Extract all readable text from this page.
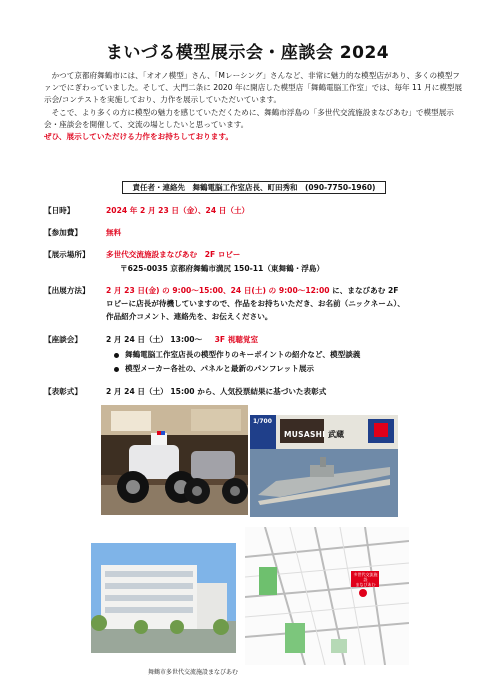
まいづる模型展示会・座談会 2024

かつて京都府舞鶴市には、「オオノ模型」さん、「Mレーシング」さんなど、非常に魅力的な模型店があり、多くの模型ファンでにぎわっていました。そして、大門二条に 2020 年に開店した模型店「舞鶴電脳工作室」では、毎年 11 月に模型展示会/コンテストを実施しており、力作を展示していただいています。

そこで、より多くの方に模型の魅力を感じていただくために、舞鶴市浮島の「多世代交流施設まなびあむ」で模型展示会・座談会を開催して、交流の場としたいと思っています。

ぜひ、展示していただける力作をお持ちしております。

責任者・連絡先　舞鶴電脳工作室店長、町田秀和　(090-7750-1960)
【日時】	2024 年 2 月 23 日（金）、24 日（土）
【参加費】	無料
【展示場所】 多世代交流施設まなびあむ　2F ロビー
〒625-0035 京都府舞鶴市溝尻 150-11（東舞鶴・浮島）
【出展方法】 2 月 23 日(金) の 9:00～15:00、24 日(土) の 9:00～12:00 に、まなびあむ 2F
ロビーに店長が待機していますので、作品をお持ちいただき、お名前（ニックネーム）、
作品紹介コメント、連絡先を、お伝えください。
【座談会】	2 月 24 日（土） 13:00～ 3F 視聴覚室
舞鶴電脳工作室店長の模型作りのキーポイントの紹介など、模型談義
模型メーカー各社の、パネルと最新のパンフレット展示
【表彰式】	2 月 24 日（土） 15:00 から、人気投票結果に基づいた表彰式
1/700
MUSASHI 武蔵
多世代交流施設
まなびあむ
舞鶴市多世代交流施設まなびあむ
